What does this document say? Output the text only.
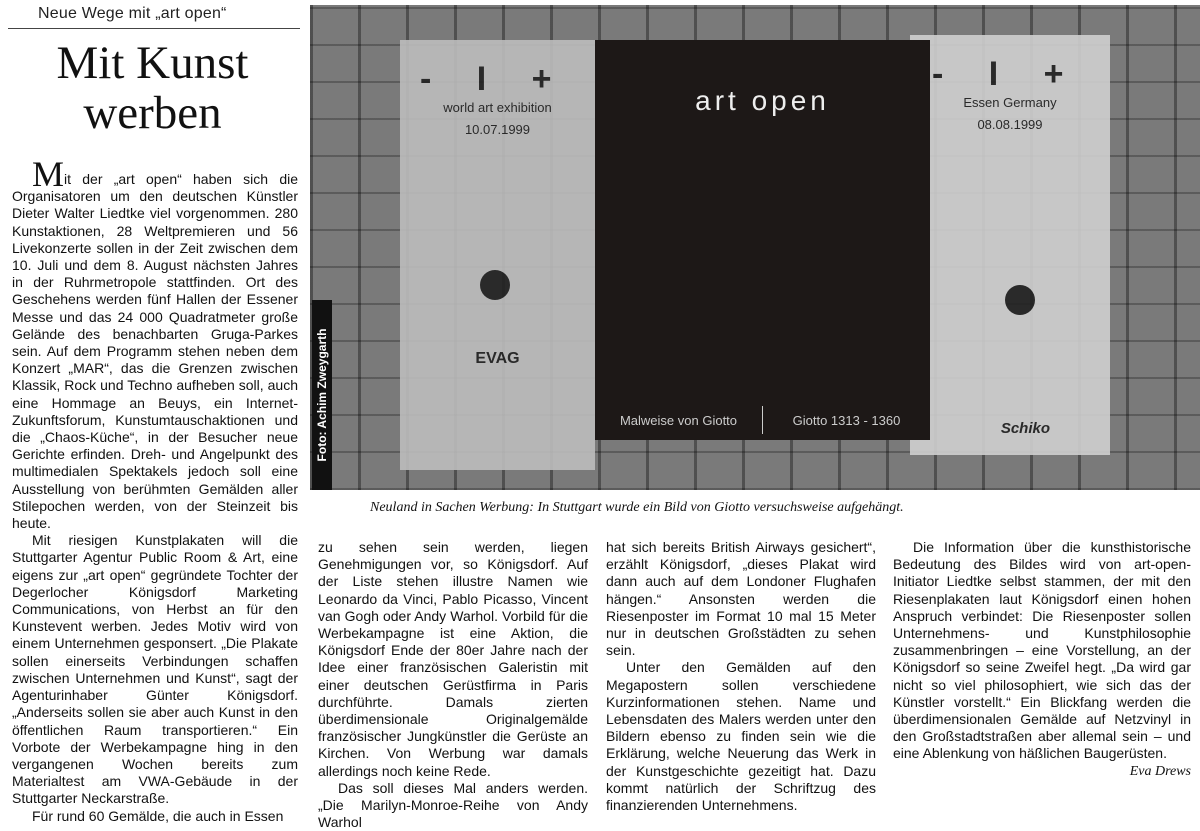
Neue Wege mit „art open“
Mit Kunst
werben
- I +
world art exhibition
10.07.1999
EVAG
- I +
Essen Germany
08.08.1999
Schiko
art open
Malweise von Giotto	Giotto 1313 - 1360
Foto: Achim Zweygarth
Neuland in Sachen Werbung: In Stuttgart wurde ein Bild von Giotto versuchsweise aufgehängt.

Mit der „art open“ haben sich die Organisatoren um den deutschen Künstler Dieter Walter Liedtke viel vorgenommen. 280 Kunstaktionen, 28 Weltpremieren und 56 Livekonzerte sollen in der Zeit zwischen dem 10. Juli und dem 8. August nächsten Jahres in der Ruhrmetropole stattfinden. Ort des Geschehens werden fünf Hallen der Essener Messe und das 24 000 Quadratmeter große Gelände des benachbarten Gruga-Parkes sein. Auf dem Programm stehen neben dem Konzert „MAR“, das die Grenzen zwischen Klassik, Rock und Techno aufheben soll, auch eine Hommage an Beuys, ein Internet-Zukunftsforum, Kunstumtauschaktionen und die „Chaos-Küche“, in der Besucher neue Gerichte erfinden. Dreh- und Angelpunkt des multimedialen Spektakels jedoch soll eine Ausstellung von berühmten Gemälden aller Stilepochen werden, von der Steinzeit bis heute.

Mit riesigen Kunstplakaten will die Stuttgarter Agentur Public Room & Art, eine eigens zur „art open“ gegründete Tochter der Degerlocher Königsdorf Marketing Communications, von Herbst an für den Kunstevent werben. Jedes Motiv wird von einem Unternehmen gesponsert. „Die Plakate sollen einerseits Verbindungen schaffen zwischen Unternehmen und Kunst“, sagt der Agenturinhaber Günter Königsdorf. „Anderseits sollen sie aber auch Kunst in den öffentlichen Raum transportieren.“ Ein Vorbote der Werbekampagne hing in den vergangenen Wochen bereits zum Materialtest am VWA-Gebäude in der Stuttgarter Neckarstraße.

Für rund 60 Gemälde, die auch in Essen

zu sehen sein werden, liegen Genehmigungen vor, so Königsdorf. Auf der Liste stehen illustre Namen wie Leonardo da Vinci, Pablo Picasso, Vincent van Gogh oder Andy Warhol. Vorbild für die Werbekampagne ist eine Aktion, die Königsdorf Ende der 80er Jahre nach der Idee einer französischen Galeristin mit einer deutschen Gerüstfirma in Paris durchführte. Damals zierten überdimensionale Originalgemälde französischer Jungkünstler die Gerüste an Kirchen. Von Werbung war damals allerdings noch keine Rede.

Das soll dieses Mal anders werden. „Die Marilyn-Monroe-Reihe von Andy Warhol

hat sich bereits British Airways gesichert“, erzählt Königsdorf, „dieses Plakat wird dann auch auf dem Londoner Flughafen hängen.“ Ansonsten werden die Riesenposter im Format 10 mal 15 Meter nur in deutschen Großstädten zu sehen sein.

Unter den Gemälden auf den Megapostern sollen verschiedene Kurzinformationen stehen. Name und Lebensdaten des Malers werden unter den Bildern ebenso zu finden sein wie die Erklärung, welche Neuerung das Werk in der Kunstgeschichte gezeitigt hat. Dazu kommt natürlich der Schriftzug des finanzierenden Unternehmens.

Die Information über die kunsthistorische Bedeutung des Bildes wird von art-open-Initiator Liedtke selbst stammen, der mit den Riesenplakaten laut Königsdorf einen hohen Anspruch verbindet: Die Riesenposter sollen Unternehmens- und Kunstphilosophie zusammenbringen – eine Vorstellung, an der Königsdorf so seine Zweifel hegt. „Da wird gar nicht so viel philosophiert, wie sich das der Künstler vorstellt.“ Ein Blickfang werden die überdimensionalen Gemälde auf Netzvinyl in den Großstadtstraßen aber allemal sein – und eine Ablenkung von häßlichen Baugerüsten.

Eva Drews
